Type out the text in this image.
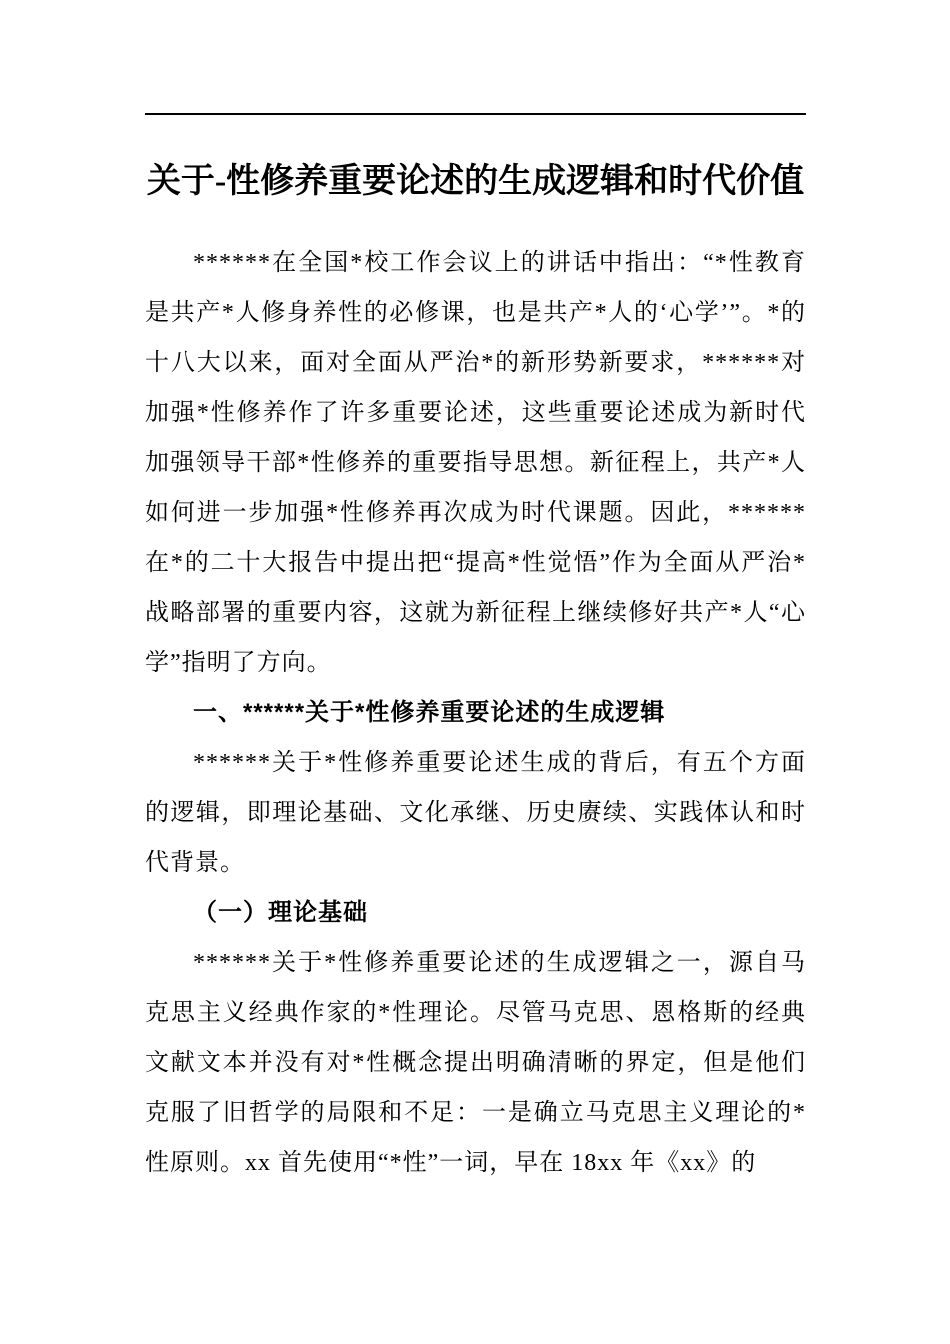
关于-性修养重要论述的生成逻辑和时代价值

******在全国*校工作会议上的讲话中指出：“*性教育是共产*人修身养性的必修课，也是共产*人的‘心学’”。*的十八大以来，面对全面从严治*的新形势新要求，******对加强*性修养作了许多重要论述，这些重要论述成为新时代加强领导干部*性修养的重要指导思想。新征程上，共产*人如何进一步加强*性修养再次成为时代课题。因此，******在*的二十大报告中提出把“提高*性觉悟”作为全面从严治*战略部署的重要内容，这就为新征程上继续修好共产*人“心学”指明了方向。

一、******关于*性修养重要论述的生成逻辑

******关于*性修养重要论述生成的背后，有五个方面的逻辑，即理论基础、文化承继、历史赓续、实践体认和时代背景。

（一）理论基础

******关于*性修养重要论述的生成逻辑之一，源自马克思主义经典作家的*性理论。尽管马克思、恩格斯的经典文献文本并没有对*性概念提出明确清晰的界定，但是他们克服了旧哲学的局限和不足：一是确立马克思主义理论的*性原则。xx 首先使用“*性”一词，早在 18xx 年《xx》的
